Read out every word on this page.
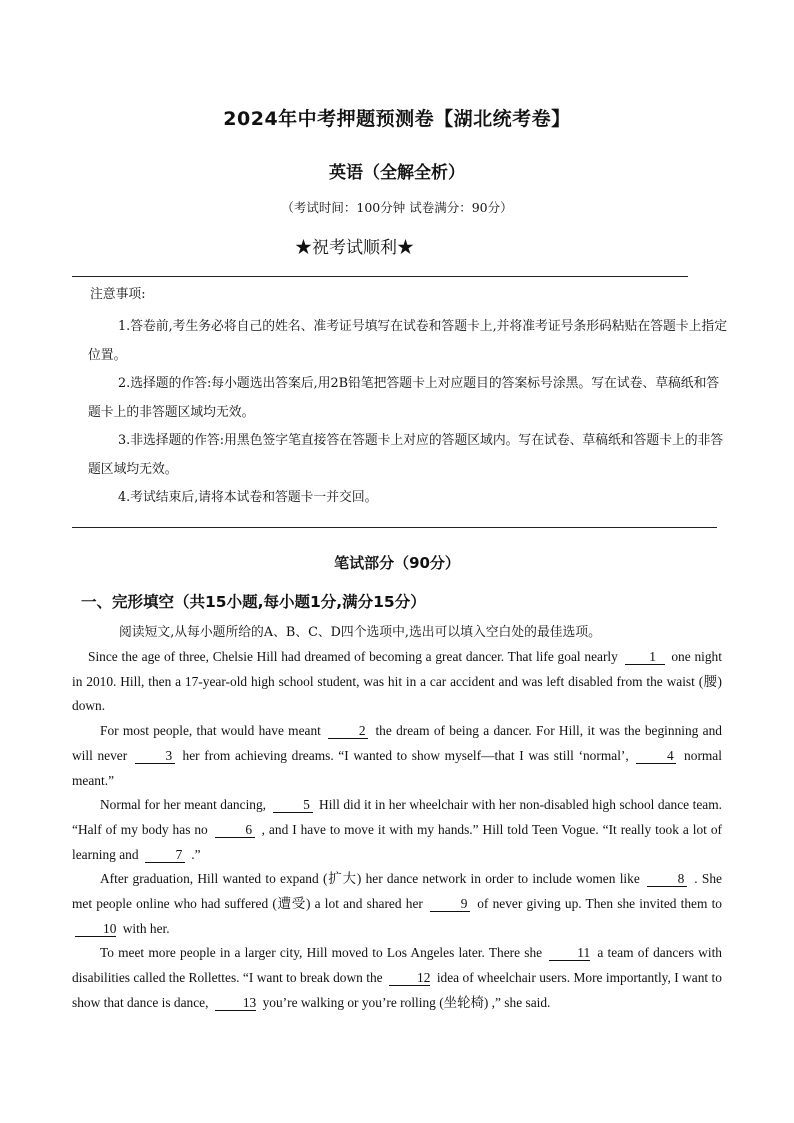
2024年中考押题预测卷【湖北统考卷】
英语（全解全析）
（考试时间：100分钟 试卷满分：90分）
★祝考试顺利★
注意事项:

1.答卷前,考生务必将自己的姓名、准考证号填写在试卷和答题卡上,并将准考证号条形码粘贴在答题卡上指定位置。

2.选择题的作答:每小题选出答案后,用2B铅笔把答题卡上对应题目的答案标号涂黑。写在试卷、草稿纸和答题卡上的非答题区域均无效。

3.非选择题的作答:用黑色签字笔直接答在答题卡上对应的答题区域内。写在试卷、草稿纸和答题卡上的非答题区域均无效。

4.考试结束后,请将本试卷和答题卡一并交回。

笔试部分（90分）
一、完形填空（共15小题,每小题1分,满分15分）
阅读短文,从每小题所给的A、B、C、D四个选项中,选出可以填入空白处的最佳选项。

Since the age of three, Chelsie Hill had dreamed of becoming a great dancer. That life goal nearly 1 one night in 2010. Hill, then a 17-year-old high school student, was hit in a car accident and was left disabled from the waist (腰) down.

For most people, that would have meant	2 the dream of being a dancer. For Hill, it was the beginning and will never	3 her from achieving dreams. “I wanted to show myself—that I was still ‘normal’,	4 normal meant.”

Normal for her meant dancing,	5 Hill did it in her wheelchair with her non-disabled high school dance team. “Half of my body has no	6 , and I have to move it with my hands.” Hill told Teen Vogue. “It really took a lot of learning and	7 .”

After graduation, Hill wanted to expand (扩大) her dance network in order to include women like	8 . She met people online who had suffered (遭受) a lot and shared her	9 of never giving up. Then she invited them to 10 with her.

To meet more people in a larger city, Hill moved to Los Angeles later. There she	11 a team of dancers with disabilities called the Rollettes. “I want to break down the	12 idea of wheelchair users. More importantly, I want to show that dance is dance,	13 you’re walking or you’re rolling (坐轮椅) ,” she said.
